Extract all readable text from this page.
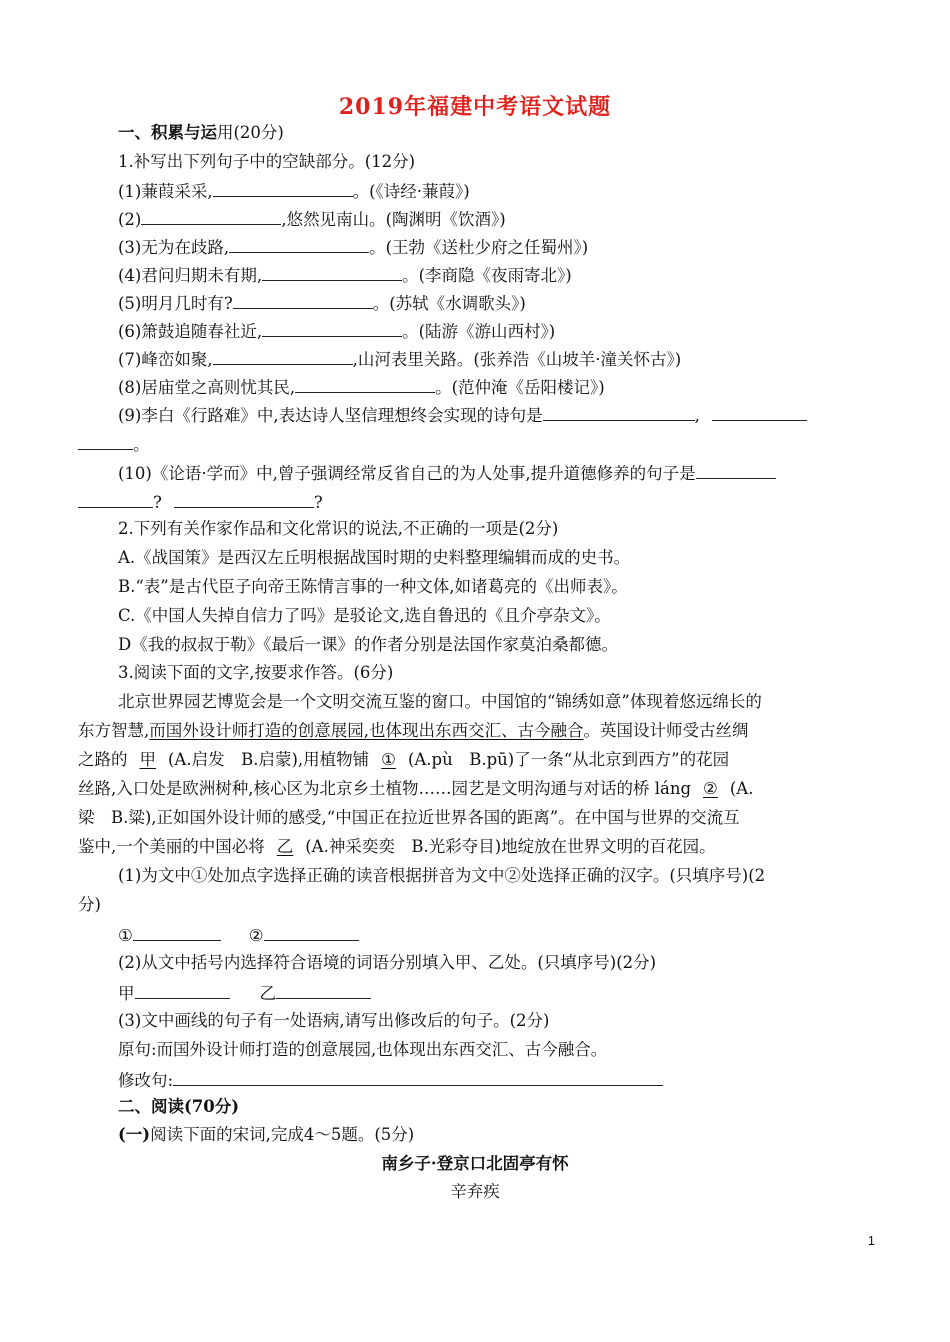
2019年福建中考语文试题
一、积累与运用(20分)
1.补写出下列句子中的空缺部分。(12分)
(1)蒹葭采采,	。(《诗经·蒹葭》)
(2)	,悠然见南山。(陶渊明《饮酒》)
(3)无为在歧路,	。(王勃《送杜少府之任蜀州》)
(4)君问归期未有期,	。(李商隐《夜雨寄北》)
(5)明月几时有?	。(苏轼《水调歌头》)
(6)箫鼓追随春社近,	。(陆游《游山西村》)
(7)峰峦如聚,	,山河表里关路。(张养浩《山坡羊·潼关怀古》)
(8)居庙堂之高则忧其民,	。(范仲淹《岳阳楼记》)
(9)李白《行路难》中,表达诗人坚信理想终会实现的诗句是	,
。
(10)《论语·学而》中,曾子强调经常反省自己的为人处事,提升道德修养的句子是
?	?
2.下列有关作家作品和文化常识的说法,不正确的一项是(2分)
A.《战国策》是西汉左丘明根据战国时期的史料整理编辑而成的史书。
B.“表”是古代臣子向帝王陈情言事的一种文体,如诸葛亮的《出师表》。
C.《中国人失掉自信力了吗》是驳论文,选自鲁迅的《且介亭杂文》。
D《我的叔叔于勒》《最后一课》的作者分别是法国作家莫泊桑都德。
3.阅读下面的文字,按要求作答。(6分)
北京世界园艺博览会是一个文明交流互鉴的窗口。中国馆的“锦绣如意”体现着悠远绵长的
东方智慧,而国外设计师打造的创意展园,也体现出东西交汇、古今融合。英国设计师受古丝绸
之路的 甲 (A.启发　B.启蒙),用植物铺 ① (A.pù　B.pū)了一条“从北京到西方”的花园
丝路,入口处是欧洲树种,核心区为北京乡土植物……园艺是文明沟通与对话的桥 láng ② (A.
梁　B.粱),正如国外设计师的感受,“中国正在拉近世界各国的距离”。在中国与世界的交流互
鉴中,一个美丽的中国必将 乙 (A.神采奕奕　B.光彩夺目)地绽放在世界文明的百花园。
(1)为文中①处加点字选择正确的读音根据拼音为文中②处选择正确的汉字。(只填序号)(2
分)
①	②
(2)从文中括号内选择符合语境的词语分别填入甲、乙处。(只填序号)(2分)
甲	乙
(3)文中画线的句子有一处语病,请写出修改后的句子。(2分)
原句:而国外设计师打造的创意展园,也体现出东西交汇、古今融合。
修改句:
二、阅读(70分)
(一)阅读下面的宋词,完成4～5题。(5分)
南乡子·登京口北固亭有怀
辛弃疾
1
